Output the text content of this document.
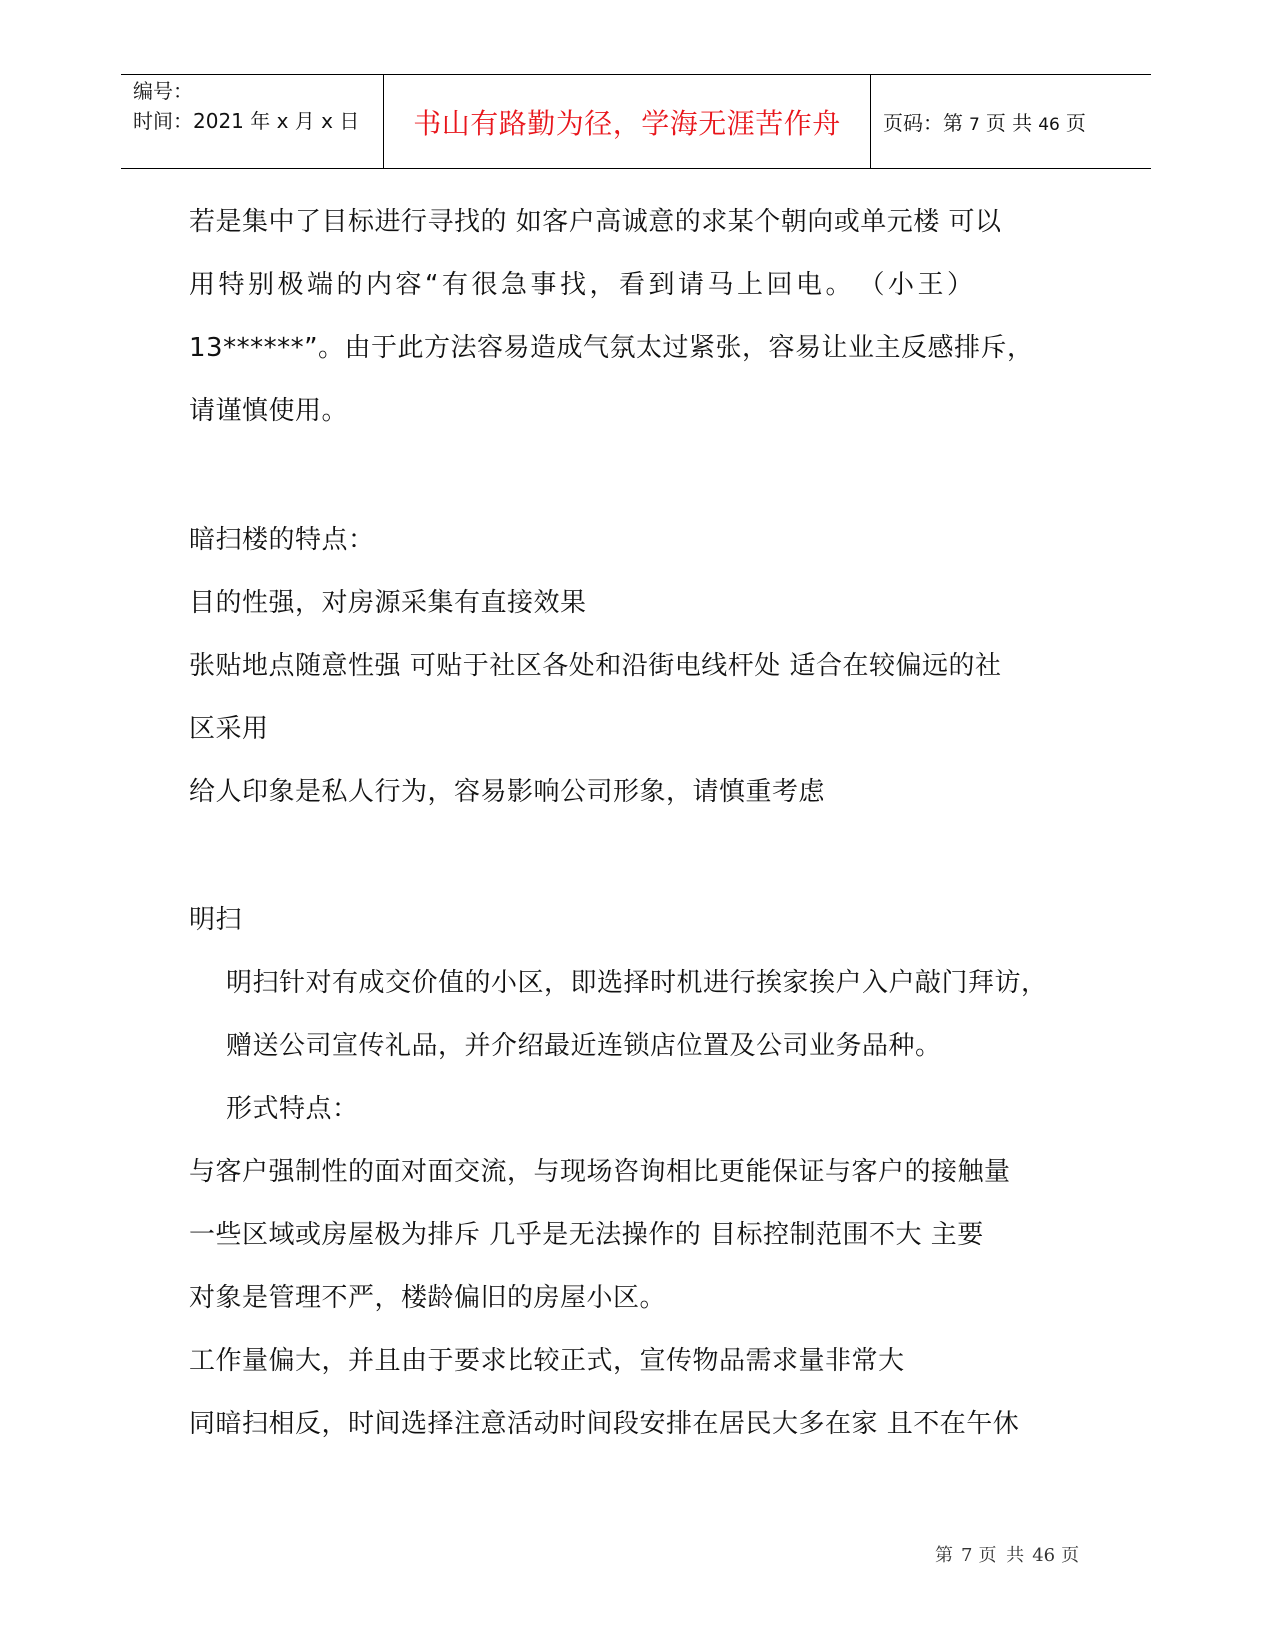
编号：
时间：2021 年 x 月 x 日 书山有路勤为径，学海无涯苦作舟 页码：第 7 页 共 46 页
若是集中了目标进行寻找的 如客户高诚意的求某个朝向或单元楼 可以
用特别极端的内容“有很急事找，看到请马上回电。　（小王）
13******”。由于此方法容易造成气氛太过紧张，容易让业主反感排斥，
请谨慎使用。
暗扫楼的特点：
目的性强，对房源采集有直接效果
张贴地点随意性强 可贴于社区各处和沿街电线杆处 适合在较偏远的社
区采用
给人印象是私人行为，容易影响公司形象，请慎重考虑
明扫
明扫针对有成交价值的小区，即选择时机进行挨家挨户入户敲门拜访，
赠送公司宣传礼品，并介绍最近连锁店位置及公司业务品种。
形式特点：
与客户强制性的面对面交流，与现场咨询相比更能保证与客户的接触量
一些区域或房屋极为排斥 几乎是无法操作的 目标控制范围不大 主要
对象是管理不严，楼龄偏旧的房屋小区。
工作量偏大，并且由于要求比较正式，宣传物品需求量非常大
同暗扫相反，时间选择注意活动时间段安排在居民大多在家 且不在午休
第 7 页 共 46 页
